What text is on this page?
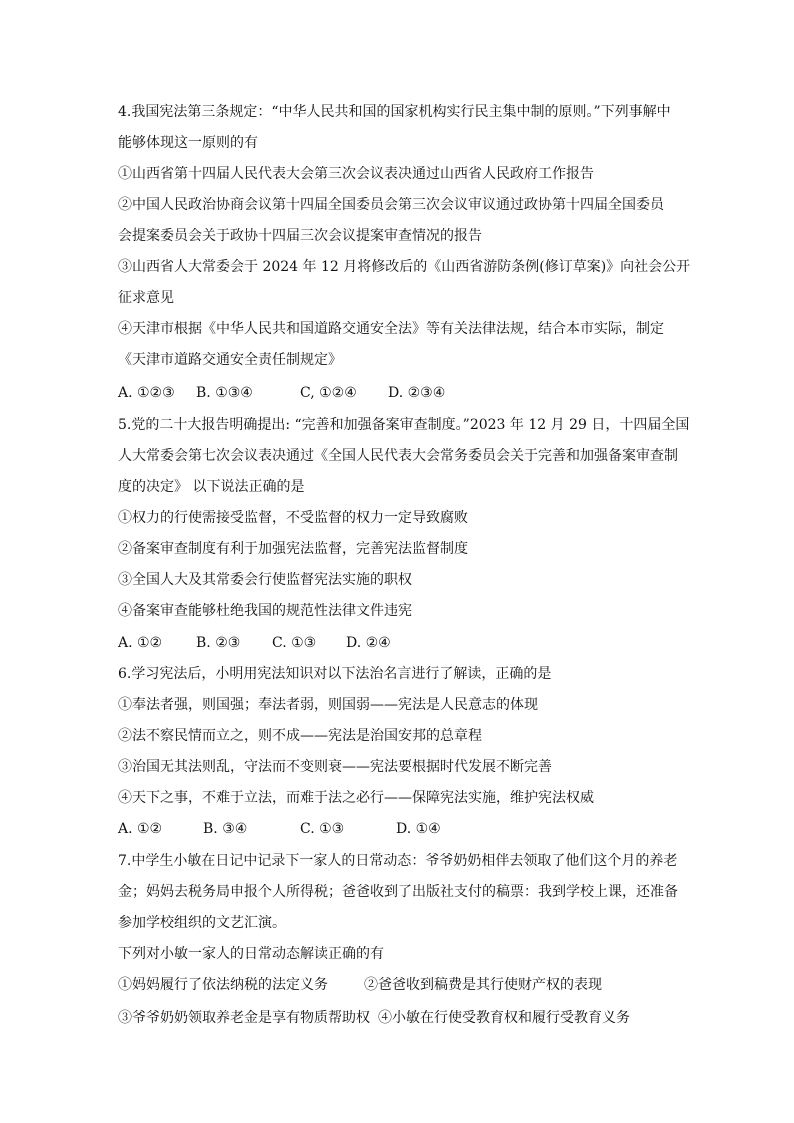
4.我国宪法第三条规定：“中华人民共和国的国家机构实行民主集中制的原则。”下列事解中
能够体现这一原则的有
①山西省第十四届人民代表大会第三次会议表决通过山西省人民政府工作报告
②中国人民政治协商会议第十四届全国委员会第三次会议审议通过政协第十四届全国委员
会提案委员会关于政协十四届三次会议提案审查情况的报告
③山西省人大常委会于 2024 年 12 月将修改后的《山西省游防条例(修订草案)》向社会公开
征求意见
④天津市根据《中华人民共和国道路交通安全法》等有关法律法规，结合本市实际，制定
《天津市道路交通安全责任制规定》
A. ①②③ B. ①③④	C, ①②④ D. ②③④
5.党的二十大报告明确提出: “完善和加强备案审查制度。”2023 年 12 月 29 日，十四届全国
人大常委会第七次会议表决通过《全国人民代表大会常务委员会关于完善和加强备案审查制
度的决定》 以下说法正确的是
①权力的行使需接受监督，不受监督的权力一定导致腐败
②备案审查制度有利于加强宪法监督，完善宪法监督制度
③全国人大及其常委会行使监督宪法实施的职权
④备案审查能够杜绝我国的规范性法律文件违宪
A. ①② B. ②③ C. ①③ D. ②④
6.学习宪法后，小明用宪法知识对以下法治名言进行了解读，正确的是
①奉法者强，则国强；奉法者弱，则国弱——宪法是人民意志的体现
②法不察民情而立之，则不成——宪法是治国安邦的总章程
③治国无其法则乱，守法而不变则衰——宪法要根据时代发展不断完善
④天下之事，不难于立法，而难于法之必行——保障宪法实施，维护宪法权威
A. ①②	B. ③④	C. ①③	D. ①④
7.中学生小敏在日记中记录下一家人的日常动态：爷爷奶奶相伴去领取了他们这个月的养老
金；妈妈去税务局申报个人所得税；爸爸收到了出版社支付的稿票：我到学校上课，还准备
参加学校组织的文艺汇演。
下列对小敏一家人的日常动态解读正确的有
①妈妈履行了依法纳税的法定义务	②爸爸收到稿费是其行使财产权的表现
③爷爷奶奶领取养老金是享有物质帮助权 ④小敏在行使受教育权和履行受教育义务
